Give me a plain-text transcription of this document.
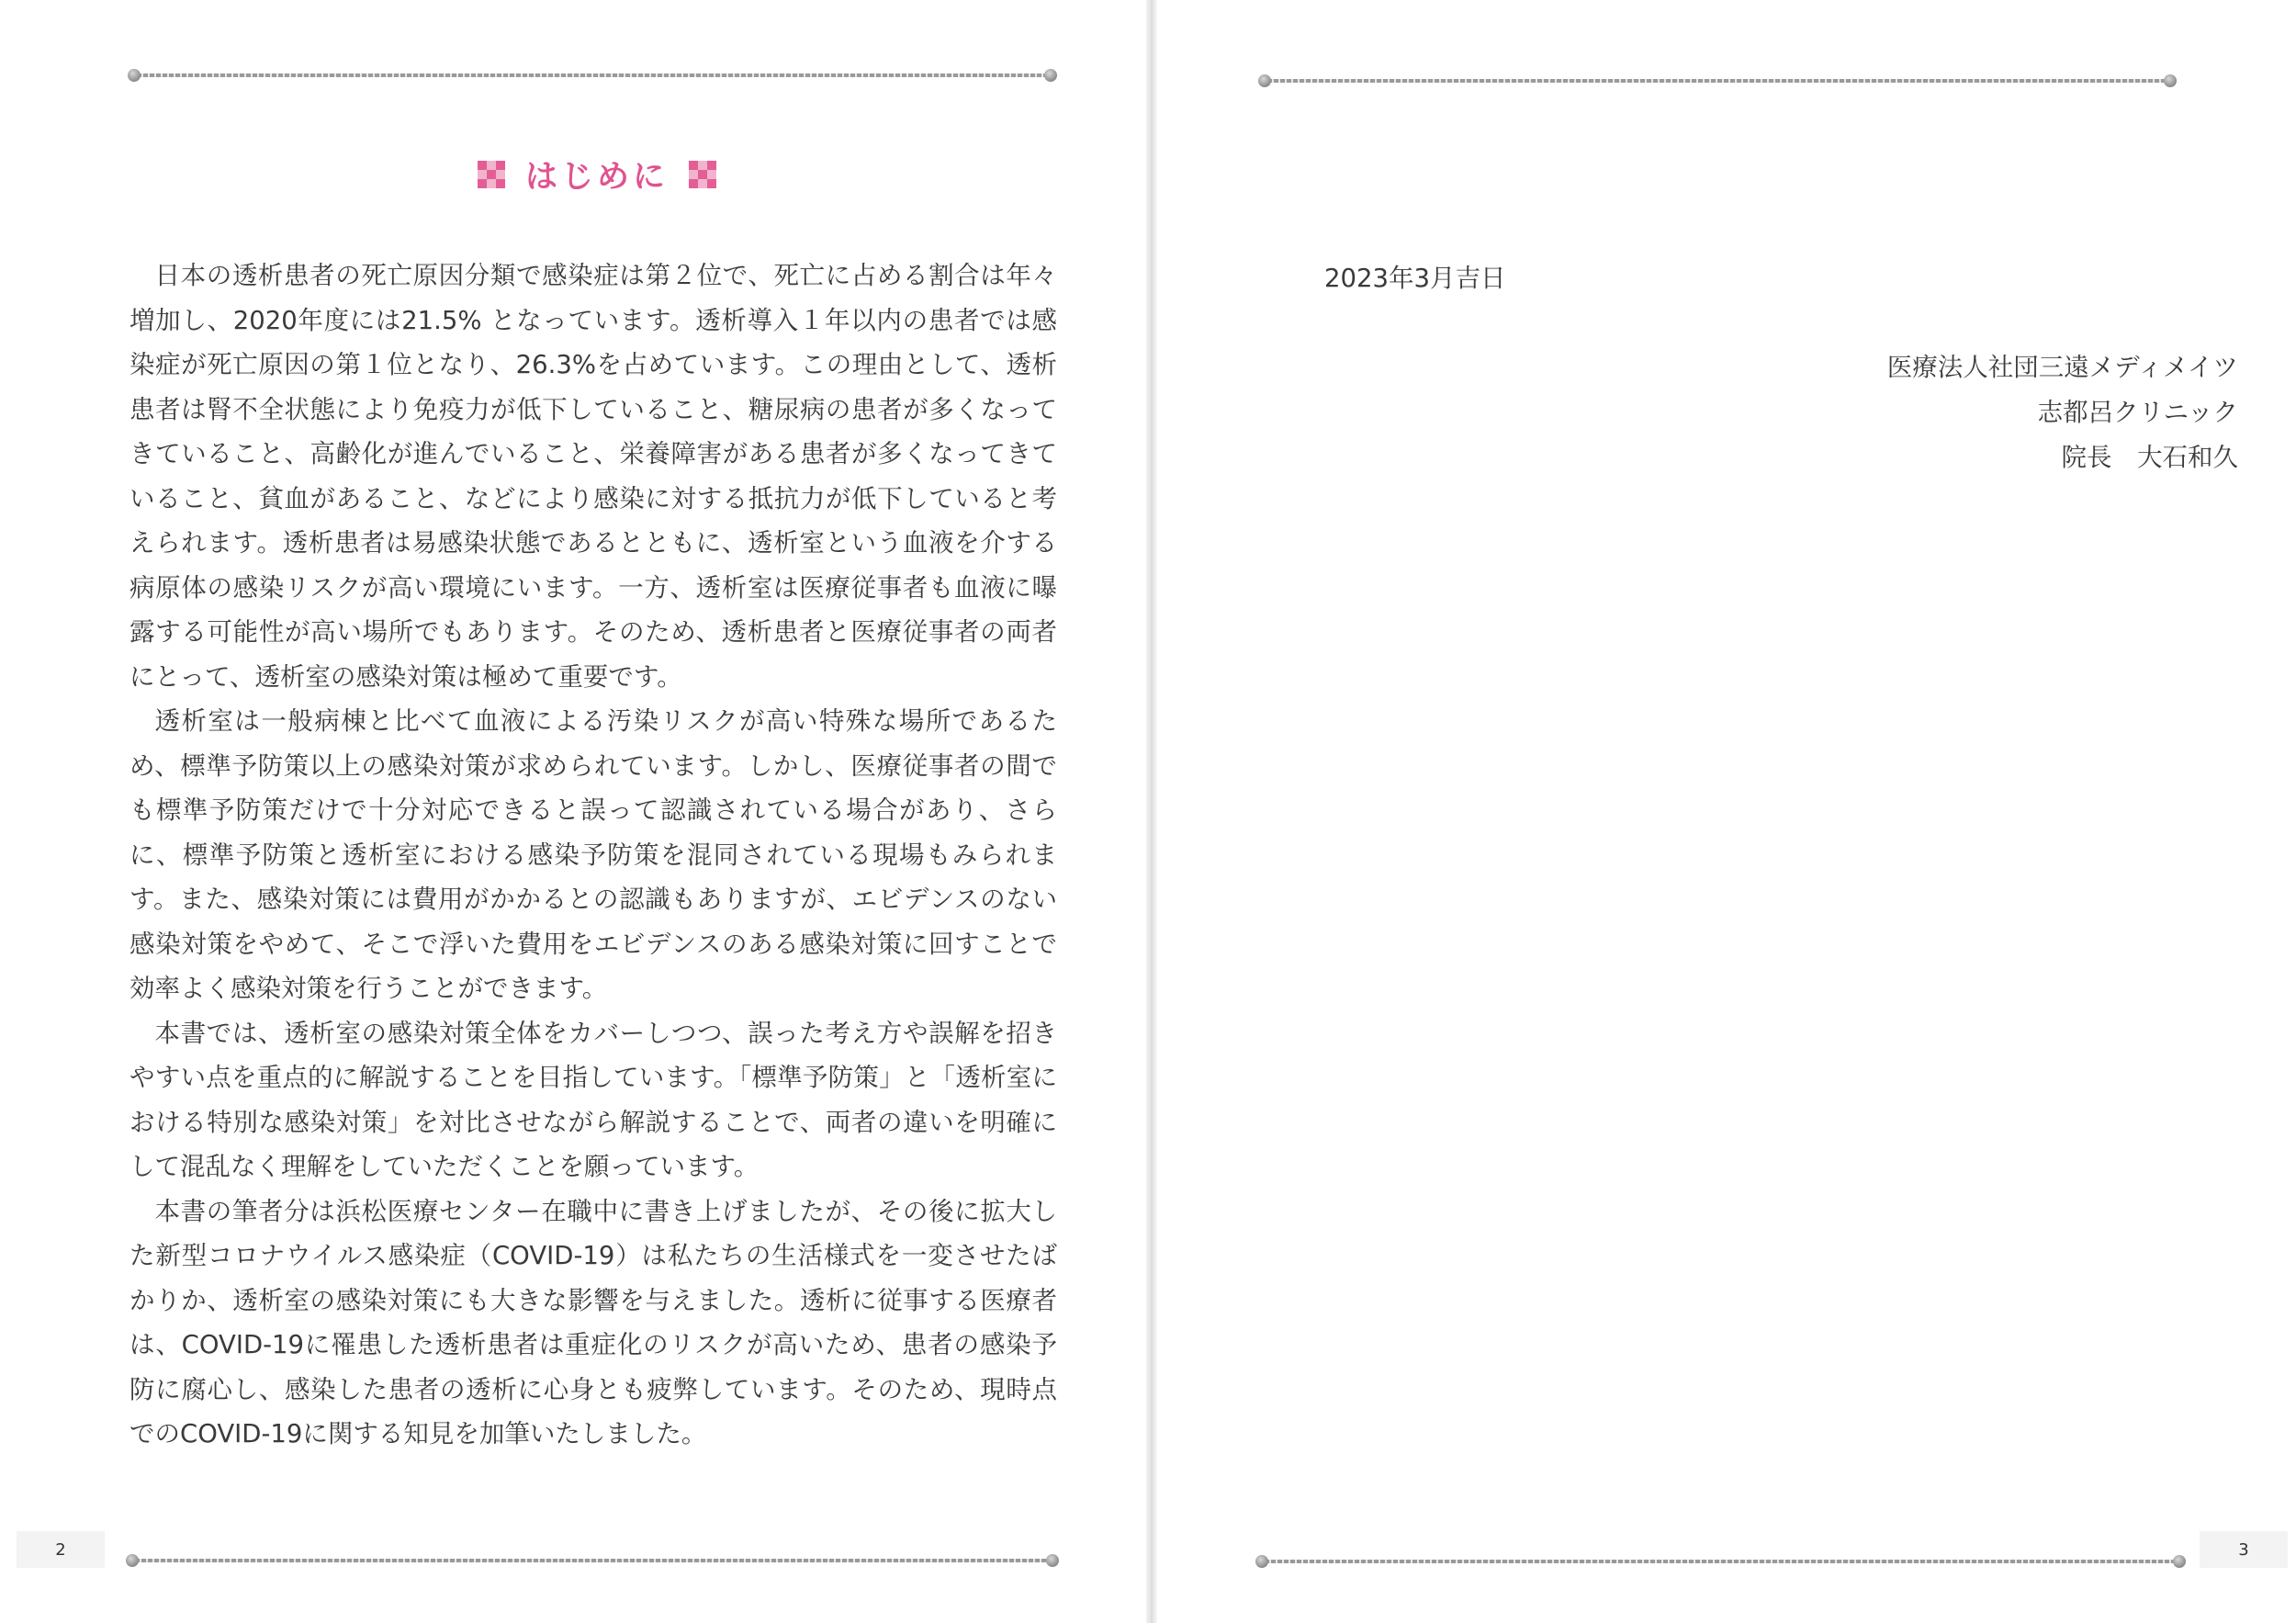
はじめに

日本の透析患者の死亡原因分類で感染症は第２位で、死亡に占める割合は年々増加し、2020年度には21.5% となっています。透析導入１年以内の患者では感染症が死亡原因の第１位となり、26.3%を占めています。この理由として、透析患者は腎不全状態により免疫力が低下していること、糖尿病の患者が多くなってきていること、高齢化が進んでいること、栄養障害がある患者が多くなってきていること、貧血があること、などにより感染に対する抵抗力が低下していると考えられます。透析患者は易感染状態であるとともに、透析室という血液を介する病原体の感染リスクが高い環境にいます。一方、透析室は医療従事者も血液に曝露する可能性が高い場所でもあります。そのため、透析患者と医療従事者の両者にとって、透析室の感染対策は極めて重要です。

透析室は一般病棟と比べて血液による汚染リスクが高い特殊な場所であるため、標準予防策以上の感染対策が求められています。しかし、医療従事者の間でも標準予防策だけで十分対応できると誤って認識されている場合があり、さらに、標準予防策と透析室における感染予防策を混同されている現場もみられます。また、感染対策には費用がかかるとの認識もありますが、エビデンスのない感染対策をやめて、そこで浮いた費用をエビデンスのある感染対策に回すことで効率よく感染対策を行うことができます。

本書では、透析室の感染対策全体をカバーしつつ、誤った考え方や誤解を招きやすい点を重点的に解説することを目指しています。「標準予防策」と「透析室における特別な感染対策」を対比させながら解説することで、両者の違いを明確にして混乱なく理解をしていただくことを願っています。

本書の筆者分は浜松医療センター在職中に書き上げましたが、その後に拡大した新型コロナウイルス感染症（COVID-19）は私たちの生活様式を一変させたばかりか、透析室の感染対策にも大きな影響を与えました。透析に従事する医療者は、COVID-19に罹患した透析患者は重症化のリスクが高いため、患者の感染予防に腐心し、感染した患者の透析に心身とも疲弊しています。そのため、現時点でのCOVID-19に関する知見を加筆いたしました。

2
2023年3月吉日
医療法人社団三遠メディメイツ
志都呂クリニック
院長　大石和久
3
